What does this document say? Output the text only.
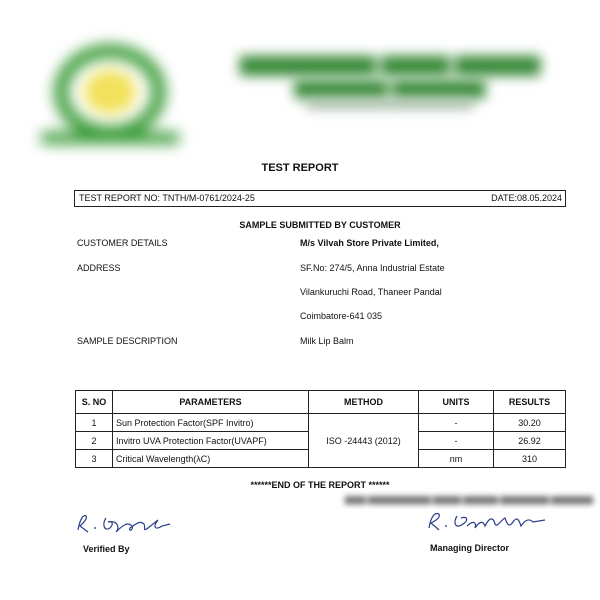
▆▆▆▆▆▆▆▆ ▆▆▆▆ ▆▆▆▆▆
▆▆▆▆▆▆ ▆▆▆▆▆▆
▆▆▆▆▆▆▆▆▆▆▆▆▆▆▆▆▆▆▆▆▆▆▆▆
TEST REPORT
TEST REPORT NO: TNTH/M-0761/2024-25	DATE:08.05.2024
SAMPLE SUBMITTED BY CUSTOMER
CUSTOMER DETAILS	M/s Vilvah Store Private Limited,
ADDRESS	SF.No: 274/5, Anna Industrial Estate
Vilankuruchi Road, Thaneer Pandal
Coimbatore-641 035
SAMPLE DESCRIPTION	Milk Lip Balm
S. NO	PARAMETERS	METHOD	UNITS	RESULTS
1	Sun Protection Factor(SPF Invitro)	ISO -24443 (2012)	-	30.20
2	Invitro UVA Protection Factor(UVAPF)		-	26.92
3	Critical Wavelength(λC)		nm	310
******END OF THE REPORT ******
▆▆▆ ▆▆▆▆▆▆▆▆▆ ▆▆▆▆ ▆▆▆▆▆ ▆▆▆▆▆▆▆ ▆▆▆▆▆▆
Verified By	Managing Director
